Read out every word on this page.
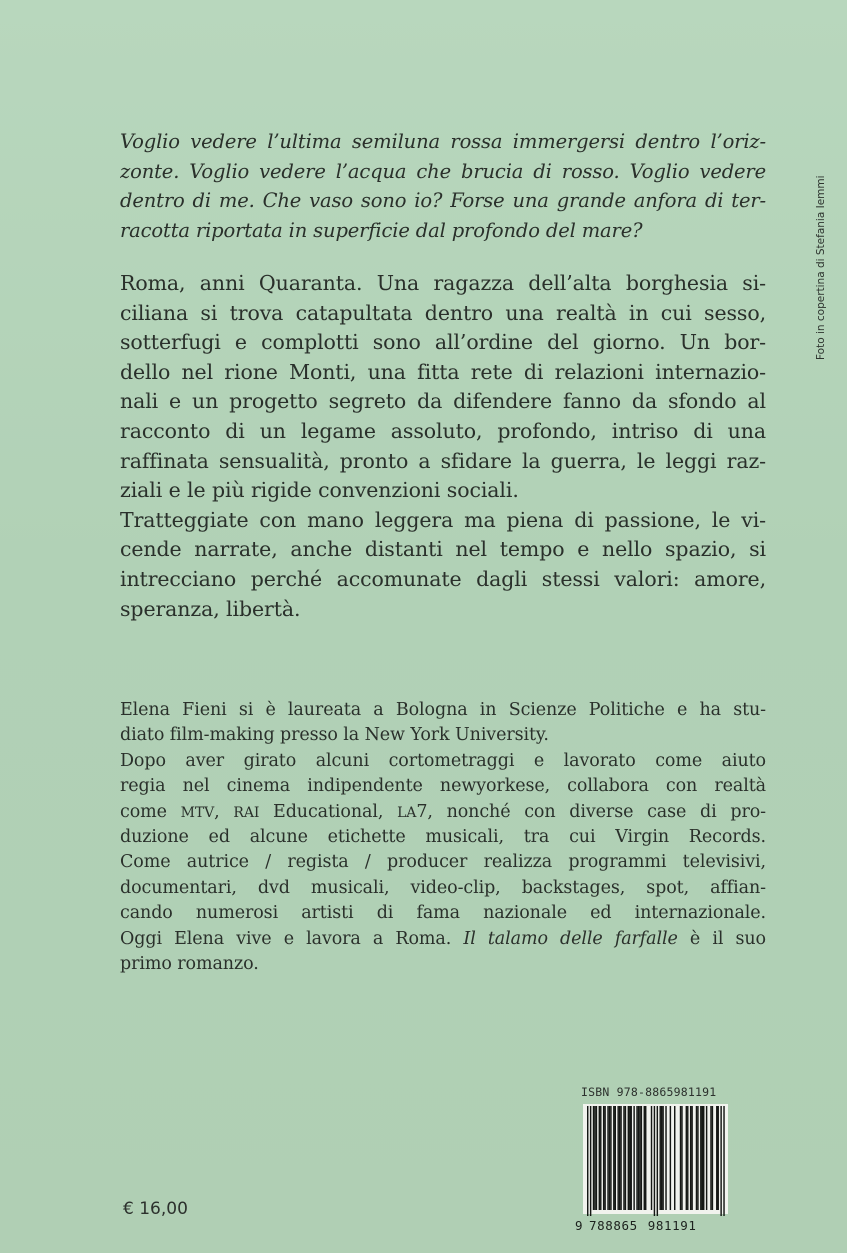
Voglio vedere l’ultima semiluna rossa immergersi dentro l’oriz-
zonte. Voglio vedere l’acqua che brucia di rosso. Voglio vedere
dentro di me. Che vaso sono io? Forse una grande anfora di ter-
racotta riportata in superficie dal profondo del mare?
Roma, anni Quaranta. Una ragazza dell’alta borghesia si-
ciliana si trova catapultata dentro una realtà in cui sesso,
sotterfugi e complotti sono all’ordine del giorno. Un bor-
dello nel rione Monti, una fitta rete di relazioni internazio-
nali e un progetto segreto da difendere fanno da sfondo al
racconto di un legame assoluto, profondo, intriso di una
raffinata sensualità, pronto a sfidare la guerra, le leggi raz-
ziali e le più rigide convenzioni sociali.
Tratteggiate con mano leggera ma piena di passione, le vi-
cende narrate, anche distanti nel tempo e nello spazio, si
intrecciano perché accomunate dagli stessi valori: amore,
speranza, libertà.
Elena Fieni si è laureata a Bologna in Scienze Politiche e ha stu-
diato film-making presso la New York University.
Dopo aver girato alcuni cortometraggi e lavorato come aiuto
regia nel cinema indipendente newyorkese, collabora con realtà
come MTV, RAI Educational, LA7, nonché con diverse case di pro-
duzione ed alcune etichette musicali, tra cui Virgin Records.
Come autrice / regista / producer realizza programmi televisivi,
documentari, dvd musicali, video-clip, backstages, spot, affian-
cando numerosi artisti di fama nazionale ed internazionale.
Oggi Elena vive e lavora a Roma. Il talamo delle farfalle è il suo
primo romanzo.
Foto in copertina di Stefania Iemmi
€ 16,00
ISBN 978-8865981191
9 788865 981191
